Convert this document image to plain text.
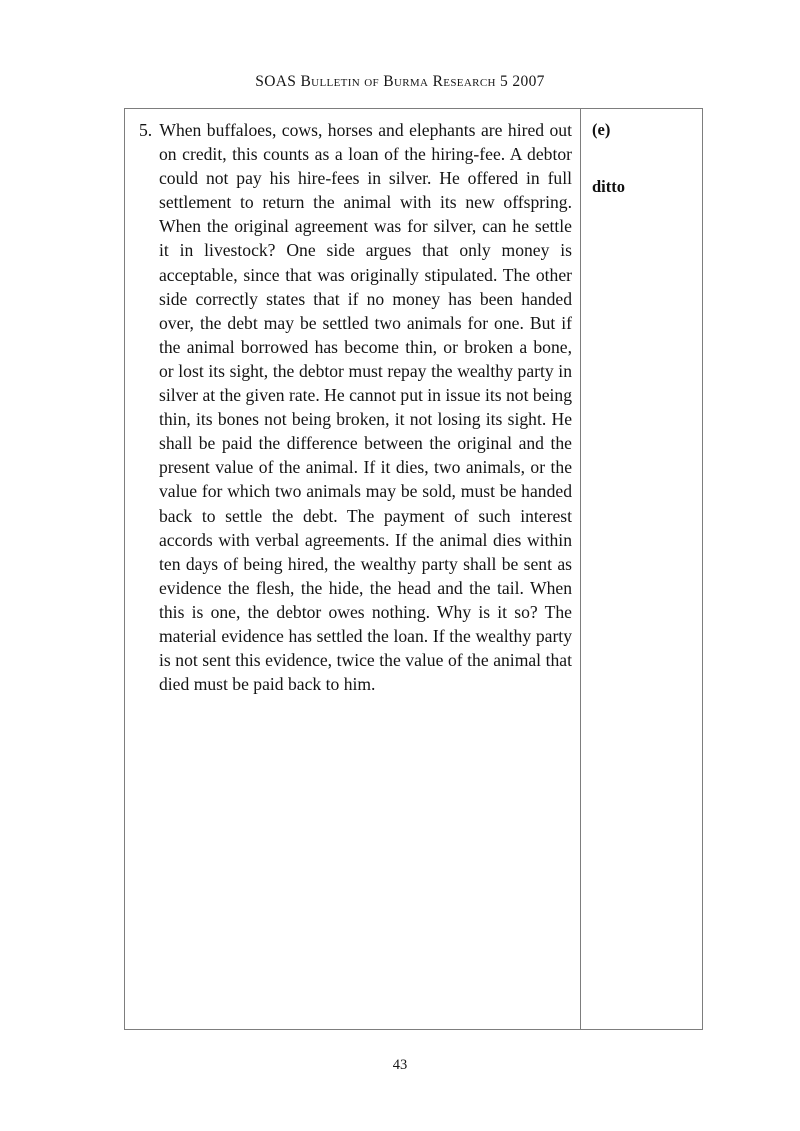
SOAS Bulletin of Burma Research 5 2007

5. When buffaloes, cows, horses and elephants are hired out on credit, this counts as a loan of the hiring-fee. A debtor could not pay his hire-fees in silver. He offered in full settlement to return the animal with its new offspring. When the original agreement was for silver, can he settle it in livestock? One side argues that only money is acceptable, since that was originally stipulated. The other side correctly states that if no money has been handed over, the debt may be settled two animals for one. But if the animal borrowed has become thin, or broken a bone, or lost its sight, the debtor must repay the wealthy party in silver at the given rate. He cannot put in issue its not being thin, its bones not being broken, it not losing its sight. He shall be paid the difference between the original and the present value of the animal. If it dies, two animals, or the value for which two animals may be sold, must be handed back to settle the debt. The payment of such interest accords with verbal agreements. If the animal dies within ten days of being hired, the wealthy party shall be sent as evidence the flesh, the hide, the head and the tail. When this is one, the debtor owes nothing. Why is it so? The material evidence has settled the loan. If the wealthy party is not sent this evidence, twice the value of the animal that died must be paid back to him.

(e)
ditto
43
